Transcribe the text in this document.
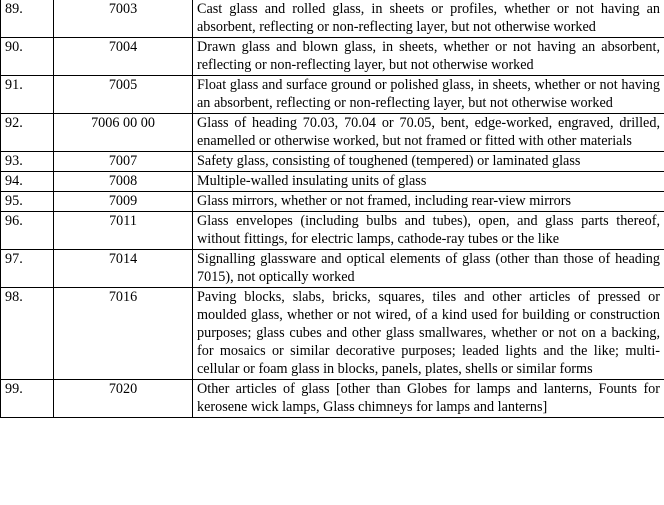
89.	7003	Cast glass and rolled glass, in sheets or profiles, whether or not having an absorbent, reflecting or non-reflecting layer, but not otherwise worked
90.	7004	Drawn glass and blown glass, in sheets, whether or not having an absorbent, reflecting or non-reflecting layer, but not otherwise worked
91.	7005	Float glass and surface ground or polished glass, in sheets, whether or not having an absorbent, reflecting or non-reflecting layer, but not otherwise worked
92.	7006 00 00	Glass of heading 70.03, 70.04 or 70.05, bent, edge-worked, engraved, drilled, enamelled or otherwise worked, but not framed or fitted with other materials
93.	7007	Safety glass, consisting of toughened (tempered) or laminated glass
94.	7008	Multiple-walled insulating units of glass
95.	7009	Glass mirrors, whether or not framed, including rear-view mirrors
96.	7011	Glass envelopes (including bulbs and tubes), open, and glass parts thereof, without fittings, for electric lamps, cathode-ray tubes or the like
97.	7014	Signalling glassware and optical elements of glass (other than those of heading 7015), not optically worked
98.	7016	Paving blocks, slabs, bricks, squares, tiles and other articles of pressed or moulded glass, whether or not wired, of a kind used for building or construction purposes; glass cubes and other glass smallwares, whether or not on a backing, for mosaics or similar decorative purposes; leaded lights and the like; multi-cellular or foam glass in blocks, panels, plates, shells or similar forms
99.	7020	Other articles of glass [other than Globes for lamps and lanterns, Founts for kerosene wick lamps, Glass chimneys for lamps and lanterns]
